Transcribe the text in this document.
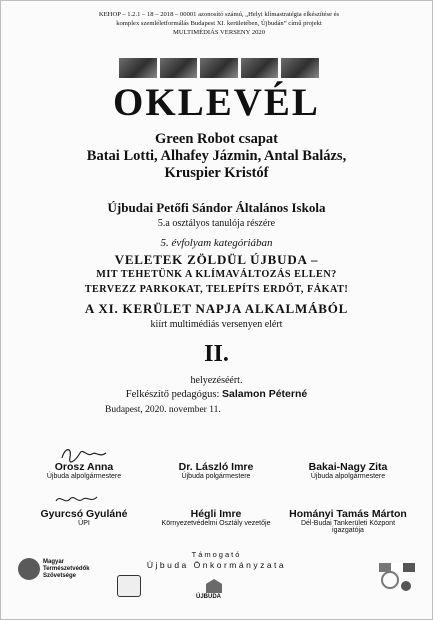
KEHOP – 1.2.1 – 18 – 2018 – 00001 azonosító számú, „Helyi klímastratégia elkészítése és
komplex szemléletformálás Budapest XI. kerületében, Újbudán” című projekt
MULTIMÉDIÁS VERSENY 2020
OKLEVÉL
Green Robot csapat
Batai Lotti, Alhafey Jázmin, Antal Balázs,
Kruspier Kristóf
Újbudai Petőfi Sándor Általános Iskola
5.a osztályos tanulója részére
5. évfolyam kategóriában
VELETEK ZÖLDÜL ÚJBUDA –
MIT TEHETÜNK A KLÍMAVÁLTOZÁS ELLEN?
TERVEZZ PARKOKAT, TELEPÍTS ERDŐT, FÁKAT!
A XI. KERÜLET NAPJA ALKALMÁBÓL
kiírt multimédiás versenyen elért
II.
helyezéséért.
Felkészítő pedagógus: Salamon Péterné
Budapest, 2020. november 11.
Orosz Anna
Újbuda alpolgármestere
Dr. László Imre
Újbuda polgármestere
Bakai-Nagy Zita
Újbuda alpolgármestere
Gyurcsó Gyuláné
ÜPI
Hégli Imre
Környezetvédelmi Osztály vezetője
Hományi Tamás Márton
Dél-Budai Tankerületi Központ
igazgatója
Támogató
Újbuda Önkormányzata
Magyar
Természetvédők
Szövetsége
ÚJBUDA
